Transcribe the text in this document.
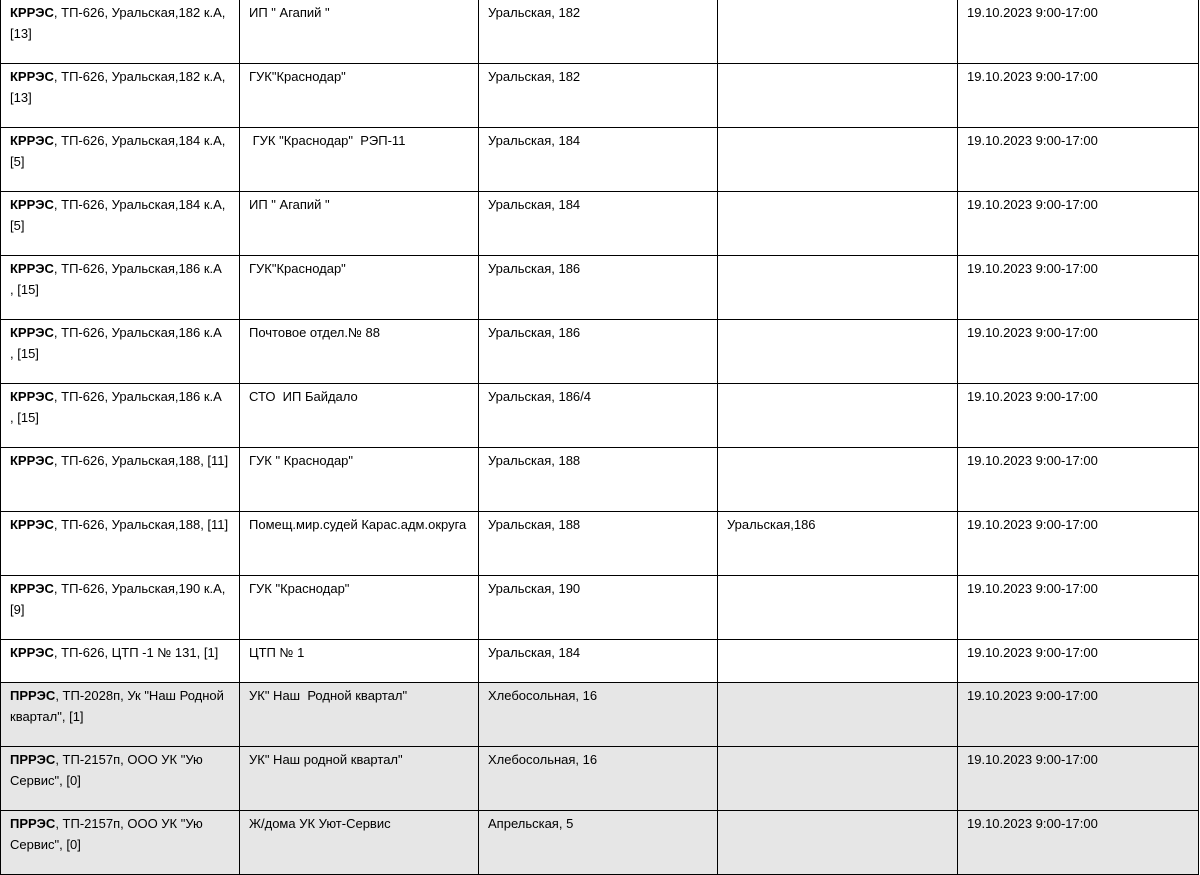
КРРЭС, ТП-626, Уральская,182 к.А, [13]	ИП " Агапий "	Уральская, 182		19.10.2023 9:00-17:00
КРРЭС, ТП-626, Уральская,182 к.А, [13]	ГУК"Краснодар"	Уральская, 182		19.10.2023 9:00-17:00
КРРЭС, ТП-626, Уральская,184 к.А, [5]	ГУК "Краснодар"  РЭП-11	Уральская, 184		19.10.2023 9:00-17:00
КРРЭС, ТП-626, Уральская,184 к.А, [5]	ИП " Агапий "	Уральская, 184		19.10.2023 9:00-17:00
КРРЭС, ТП-626, Уральская,186 к.А  , [15]	ГУК"Краснодар"	Уральская, 186		19.10.2023 9:00-17:00
КРРЭС, ТП-626, Уральская,186 к.А  , [15]	Почтовое отдел.№ 88	Уральская, 186		19.10.2023 9:00-17:00
КРРЭС, ТП-626, Уральская,186 к.А  , [15]	СТО  ИП Байдало	Уральская, 186/4		19.10.2023 9:00-17:00
КРРЭС, ТП-626, Уральская,188, [11]	ГУК " Краснодар"	Уральская, 188		19.10.2023 9:00-17:00
КРРЭС, ТП-626, Уральская,188, [11]	Помещ.мир.судей Карас.адм.округа	Уральская, 188	Уральская,186	19.10.2023 9:00-17:00
КРРЭС, ТП-626, Уральская,190 к.А, [9]	ГУК "Краснодар"	Уральская, 190		19.10.2023 9:00-17:00
КРРЭС, ТП-626, ЦТП -1 № 131, [1]	ЦТП № 1	Уральская, 184		19.10.2023 9:00-17:00
ПРРЭС, ТП-2028п, Ук "Наш Родной квартал", [1]	УК" Наш  Родной квартал"	Хлебосольная, 16		19.10.2023 9:00-17:00
ПРРЭС, ТП-2157п, ООО УК "Ую Сервис", [0]	УК" Наш родной квартал"	Хлебосольная, 16		19.10.2023 9:00-17:00
ПРРЭС, ТП-2157п, ООО УК "Ую Сервис", [0]	Ж/дома УК Уют-Сервис	Апрельская, 5		19.10.2023 9:00-17:00
